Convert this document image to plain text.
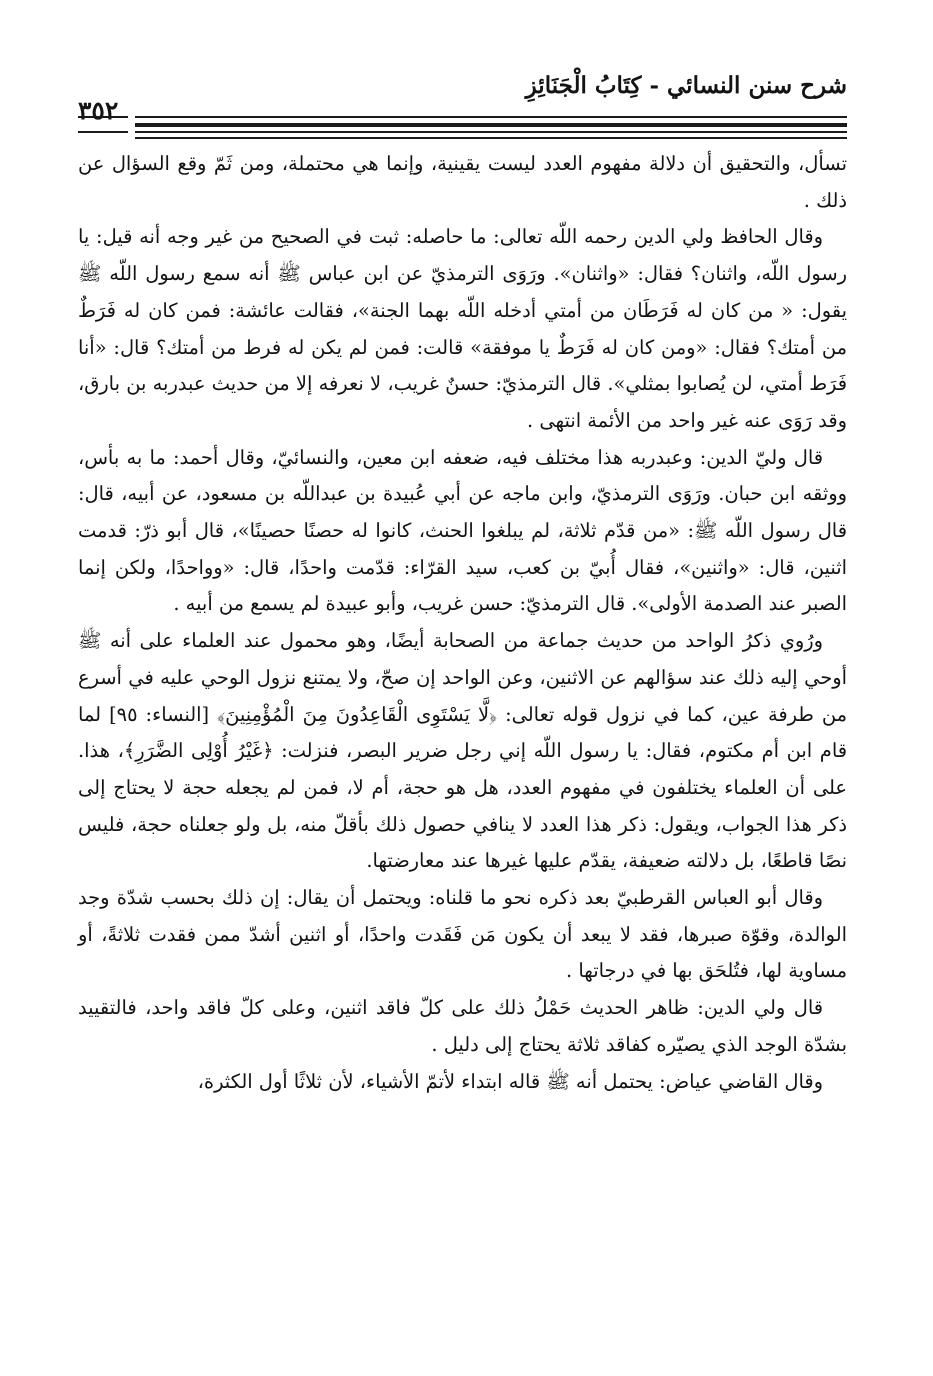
شرح سنن النسائي - كِتَابُ الْجَنَائِزِ
٣٥٢

تسأل، والتحقيق أن دلالة مفهوم العدد ليست يقينية، وإنما هي محتملة، ومن ثَمّ وقع السؤال عن ذلك .

وقال الحافظ ولي الدين رحمه اللّه تعالى: ما حاصله: ثبت في الصحيح من غير وجه أنه قيل: يا رسول اللّه، واثنان؟ فقال: «واثنان». ورَوَى الترمذيّ عن ابن عباس ﷺ أنه سمع رسول اللّه ﷺ يقول: « من كان له فَرَطَان من أمتي أدخله اللّه بهما الجنة»، فقالت عائشة: فمن كان له فَرَطٌ من أمتك؟ فقال: «ومن كان له فَرَطٌ يا موفقة» قالت: فمن لم يكن له فرط من أمتك؟ قال: «أنا فَرَط أمتي، لن يُصابوا بمثلي». قال الترمذيّ: حسنٌ غريب، لا نعرفه إلا من حديث عبدربه بن بارق، وقد رَوَى عنه غير واحد من الأئمة انتهى .

قال وليّ الدين: وعبدربه هذا مختلف فيه، ضعفه ابن معين، والنسائيّ، وقال أحمد: ما به بأس، ووثقه ابن حبان. ورَوَى الترمذيّ، وابن ماجه عن أبي عُبيدة بن عبداللّه بن مسعود، عن أبيه، قال: قال رسول اللّه ﷺ: «من قدّم ثلاثة، لم يبلغوا الحنث، كانوا له حصنًا حصينًا»، قال أبو ذرّ: قدمت اثنين، قال: «واثنين»، فقال أُبيّ بن كعب، سيد القرّاء: قدّمت واحدًا، قال: «وواحدًا، ولكن إنما الصبر عند الصدمة الأولى». قال الترمذيّ: حسن غريب، وأبو عبيدة لم يسمع من أبيه .

ورُوي ذكرُ الواحد من حديث جماعة من الصحابة أيضًا، وهو محمول عند العلماء على أنه ﷺ أوحي إليه ذلك عند سؤالهم عن الاثنين، وعن الواحد إن صحّ، ولا يمتنع نزول الوحي عليه في أسرع من طرفة عين، كما في نزول قوله تعالى: ﴿لَّا يَسْتَوِى الْقَاعِدُونَ مِنَ الْمُؤْمِنِينَ﴾ [النساء: ٩٥] لما قام ابن أم مكتوم، فقال: يا رسول اللّه إني رجل ضرير البصر، فنزلت: ﴿غَيْرُ أُوْلِى الضَّرَرِ﴾، هذا. على أن العلماء يختلفون في مفهوم العدد، هل هو حجة، أم لا، فمن لم يجعله حجة لا يحتاج إلى ذكر هذا الجواب، ويقول: ذكر هذا العدد لا ينافي حصول ذلك بأقلّ منه، بل ولو جعلناه حجة، فليس نصًا قاطعًا، بل دلالته ضعيفة، يقدّم عليها غيرها عند معارضتها.

وقال أبو العباس القرطبيّ بعد ذكره نحو ما قلناه: ويحتمل أن يقال: إن ذلك بحسب شدّة وجد الوالدة، وقوّة صبرها، فقد لا يبعد أن يكون مَن فَقَدت واحدًا، أو اثنين أشدّ ممن فقدت ثلاثةً، أو مساوية لها، فتُلحَق بها في درجاتها .

قال ولي الدين: ظاهر الحديث حَمْلُ ذلك على كلّ فاقد اثنين، وعلى كلّ فاقد واحد، فالتقييد بشدّة الوجد الذي يصيّره كفاقد ثلاثة يحتاج إلى دليل .

وقال القاضي عياض: يحتمل أنه ﷺ قاله ابتداء لأتمّ الأشياء، لأن ثلاثًا أول الكثرة،
